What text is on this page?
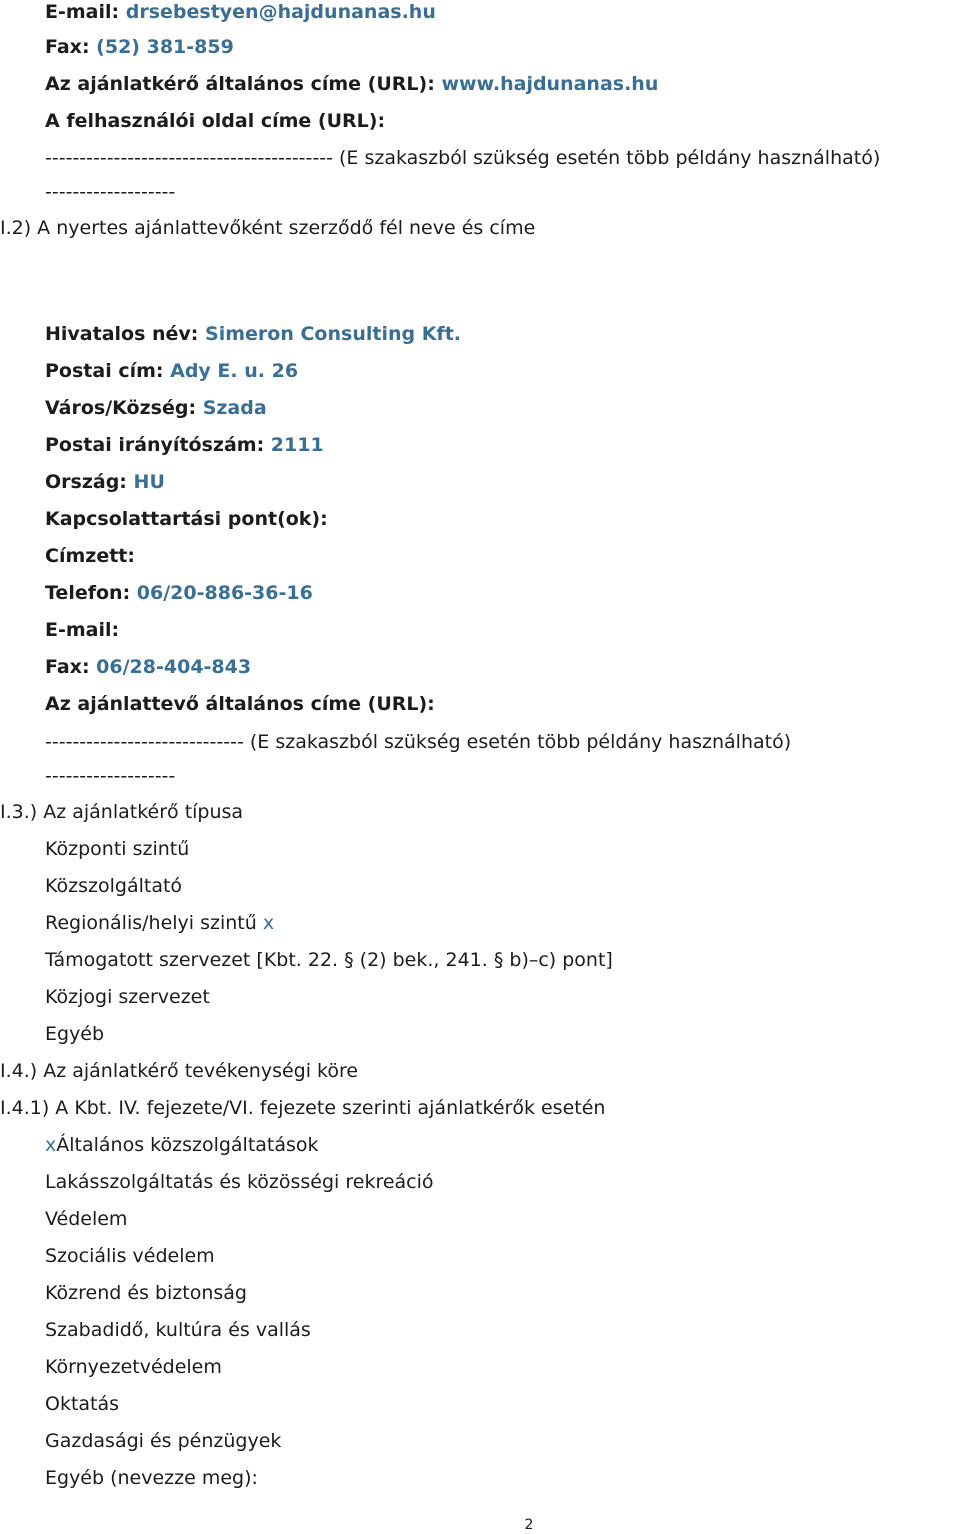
E-mail: drsebestyen@hajdunanas.hu
Fax: (52) 381-859
Az ajánlatkérő általános címe (URL): www.hajdunanas.hu
A felhasználói oldal címe (URL):
------------------------------------------ (E szakaszból szükség esetén több példány használható)
-------------------
I.2) A nyertes ajánlattevőként szerződő fél neve és címe
Hivatalos név: Simeron Consulting Kft.
Postai cím: Ady E. u. 26
Város/Község: Szada
Postai irányítószám: 2111
Ország: HU
Kapcsolattartási pont(ok):
Címzett:
Telefon: 06/20-886-36-16
E-mail:
Fax: 06/28-404-843
Az ajánlattevő általános címe (URL):
----------------------------- (E szakaszból szükség esetén több példány használható)
-------------------
I.3.) Az ajánlatkérő típusa
Központi szintű
Közszolgáltató
Regionális/helyi szintű x
Támogatott szervezet [Kbt. 22. § (2) bek., 241. § b)–c) pont]
Közjogi szervezet
Egyéb
I.4.) Az ajánlatkérő tevékenységi köre
I.4.1) A Kbt. IV. fejezete/VI. fejezete szerinti ajánlatkérők esetén
xÁltalános közszolgáltatások
Lakásszolgáltatás és közösségi rekreáció
Védelem
Szociális védelem
Közrend és biztonság
Szabadidő, kultúra és vallás
Környezetvédelem
Oktatás
Gazdasági és pénzügyek
Egyéb (nevezze meg):
2
